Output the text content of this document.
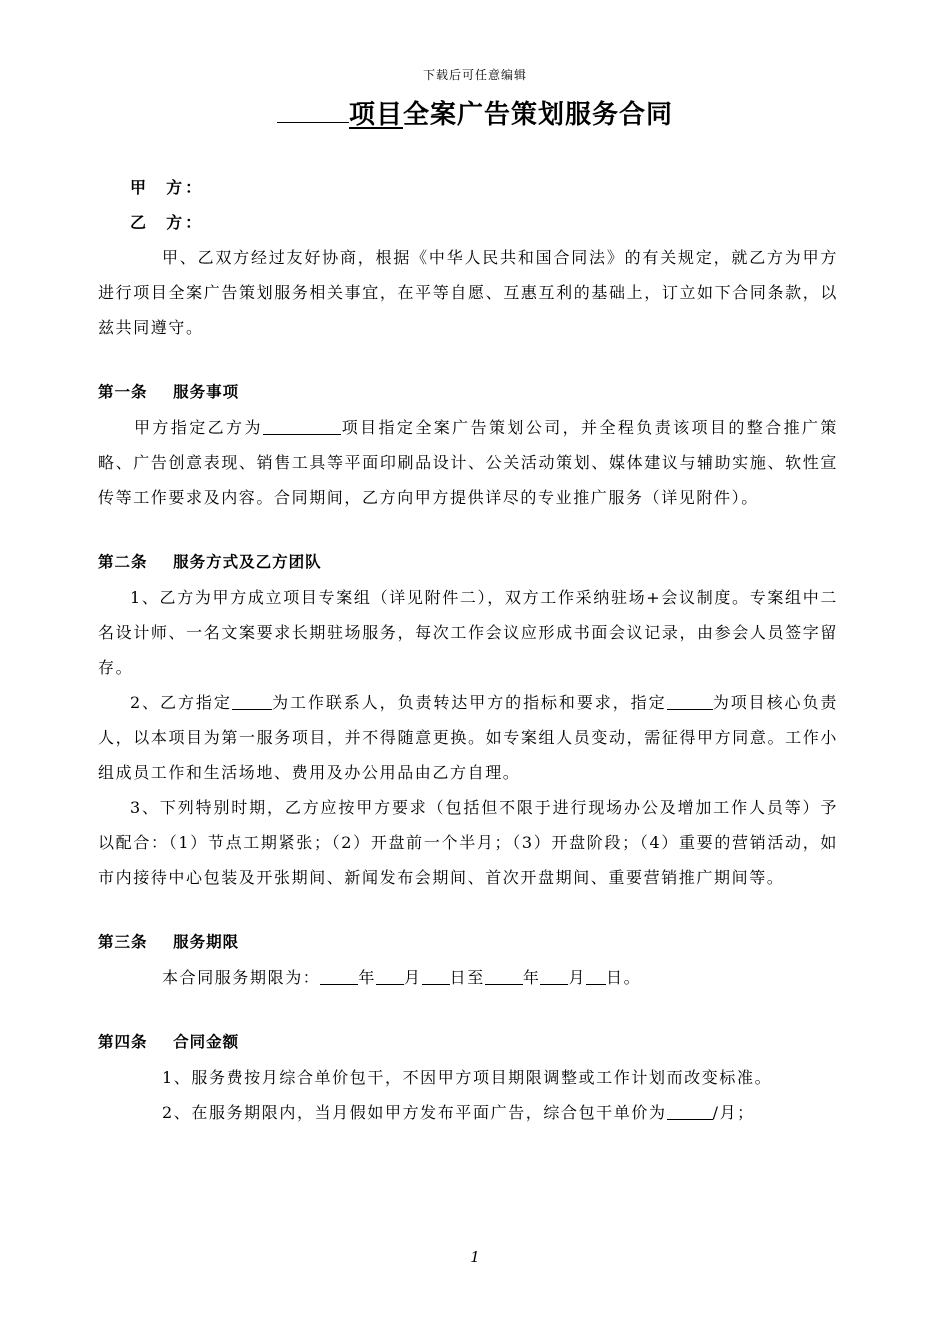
下载后可任意编辑
项目全案广告策划服务合同
甲  方：
乙  方：

甲、乙双方经过友好协商，根据《中华人民共和国合同法》的有关规定，就乙方为甲方进行项目全案广告策划服务相关事宜，在平等自愿、互惠互利的基础上，订立如下合同条款，以兹共同遵守。

第一条    服务事项

甲方指定乙方为	项目指定全案广告策划公司，并全程负责该项目的整合推广策略、广告创意表现、销售工具等平面印刷品设计、公关活动策划、媒体建议与辅助实施、软性宣传等工作要求及内容。合同期间，乙方向甲方提供详尽的专业推广服务（详见附件）。

第二条    服务方式及乙方团队

1、乙方为甲方成立项目专案组（详见附件二），双方工作采纳驻场+会议制度。专案组中二名设计师、一名文案要求长期驻场服务，每次工作会议应形成书面会议记录，由参会人员签字留存。

2、乙方指定	为工作联系人，负责转达甲方的指标和要求，指定	为项目核心负责人，以本项目为第一服务项目，并不得随意更换。如专案组人员变动，需征得甲方同意。工作小组成员工作和生活场地、费用及办公用品由乙方自理。

3、下列特别时期，乙方应按甲方要求（包括但不限于进行现场办公及增加工作人员等）予以配合：（1）节点工期紧张；（2）开盘前一个半月；（3）开盘阶段；（4）重要的营销活动，如市内接待中心包装及开张期间、新闻发布会期间、首次开盘期间、重要营销推广期间等。

第三条    服务期限

本合同服务期限为： 年 月 日至 年 月 日。

第四条    合同金额

1、服务费按月综合单价包干，不因甲方项目期限调整或工作计划而改变标准。

2、在服务期限内，当月假如甲方发布平面广告，综合包干单价为	/月；

1
